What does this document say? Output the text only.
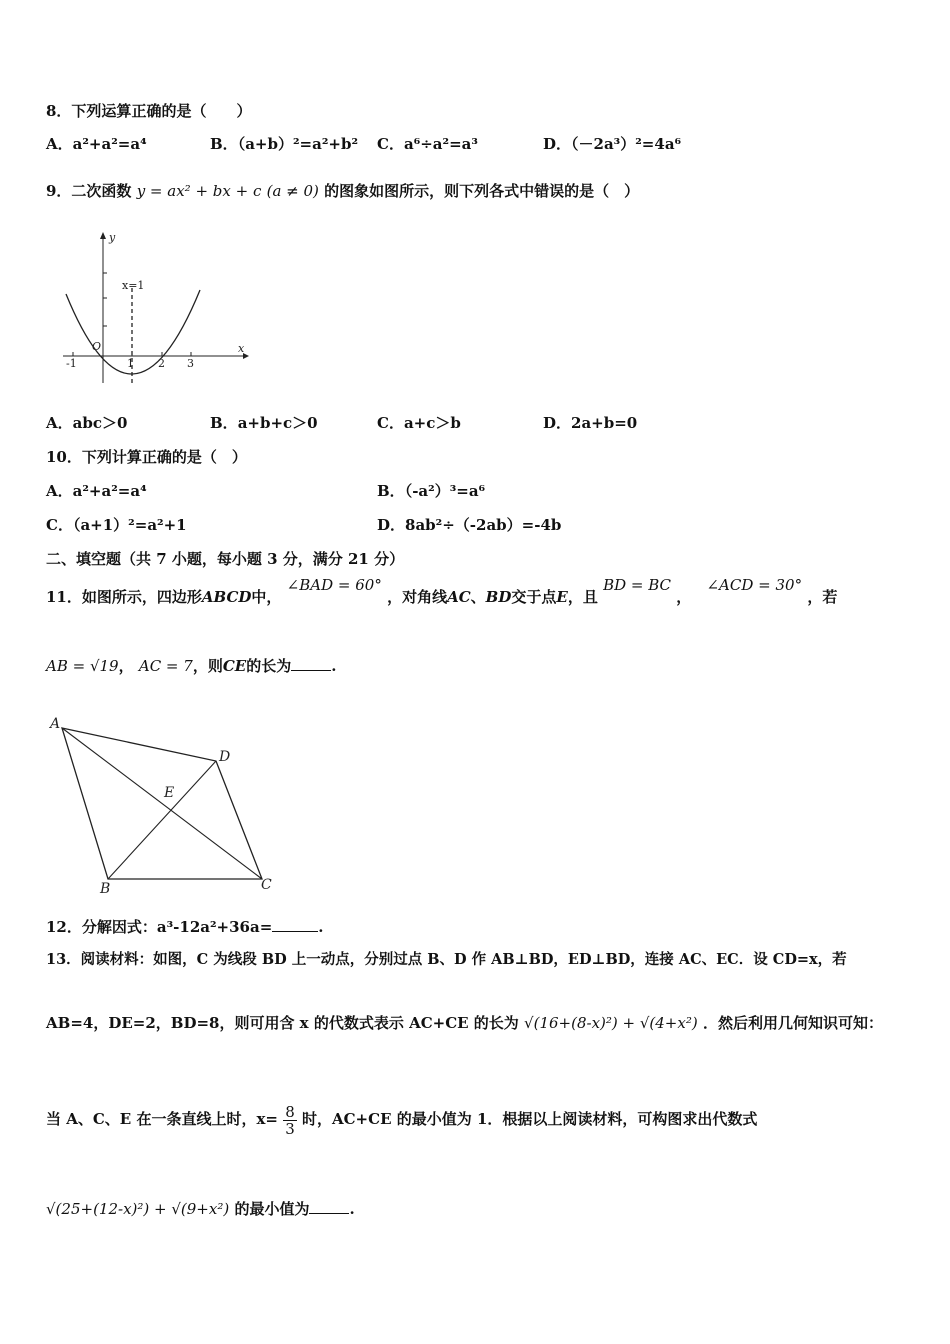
8．下列运算正确的是（　　）
A．a²+a²=a⁴	B．（a+b）²=a²+b² C．a⁶÷a²=a³	D．（－2a³）²=4a⁶
9．二次函数 y = ax² + bx + c (a ≠ 0) 的图象如图所示，则下列各式中错误的是（　）
y
x
O
-1	1 2 3
x=1
A．abc＞0	B．a+b+c＞0	C．a+c＞b	D．2a+b=0
10．下列计算正确的是（　）
A．a²+a²=a⁴	B．（-a²）³=a⁶
C．（a+1）²=a²+1	D．8ab²÷（-2ab）=-4b
二、填空题（共 7 小题，每小题 3 分，满分 21 分）
11．如图所示，四边形ABCD中， ∠BAD = 60° ，对角线AC、BD交于点E，且 BD = BC ， ∠ACD = 30° ，若
AB = √19， AC = 7，则CE的长为	.
A
D
E
B	C
12．分解因式：a³-12a²+36a=	.
13．阅读材料：如图，C 为线段 BD 上一动点，分别过点 B、D 作 AB⊥BD，ED⊥BD，连接 AC、EC．设 CD=x，若
AB=4，DE=2，BD=8，则可用含 x 的代数式表示 AC+CE 的长为 √(16+(8-x)²) + √(4+x²) ．然后利用几何知识可知：
当 A、C、E 在一条直线上时，$x= \frac{8}{3}$ 时，AC+CE 的最小值为 1．根据以上阅读材料，可构图求出代数式
√(25+(12-x)²) + √(9+x²) 的最小值为	.
